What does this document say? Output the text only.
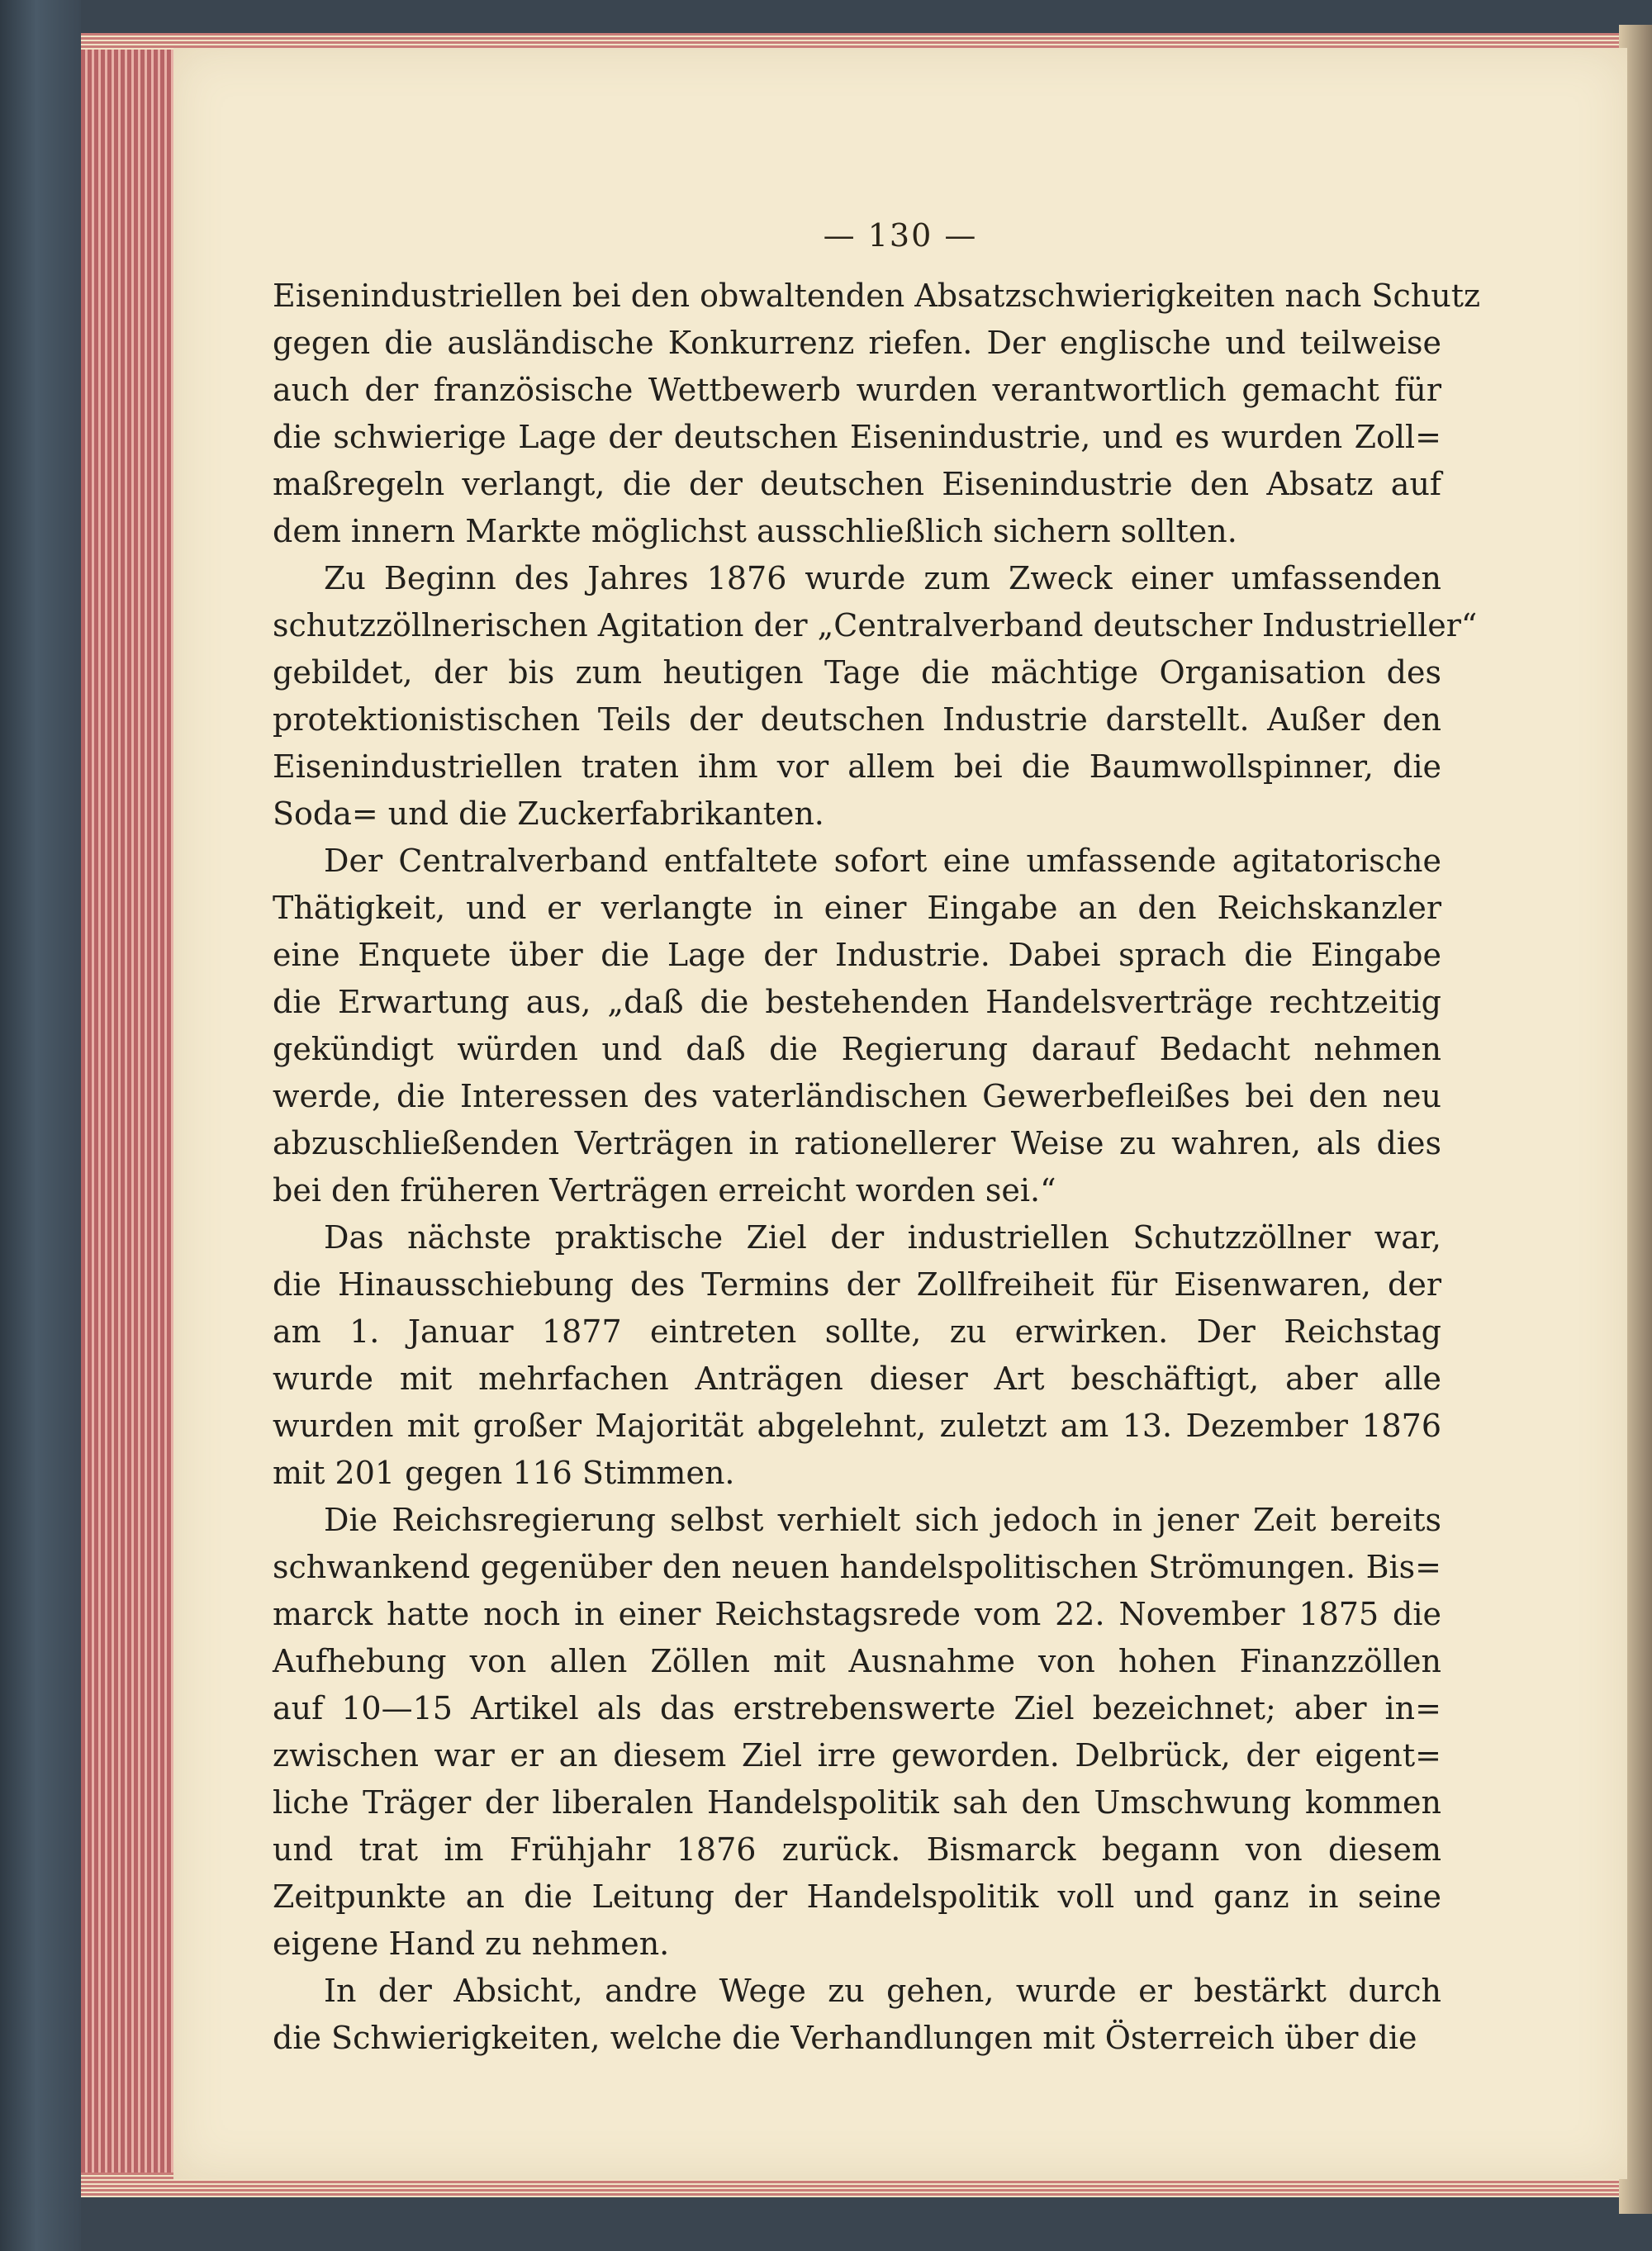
— 130 —

Eisenindustriellen bei den obwaltenden Absatzschwierigkeiten nach Schutz
gegen die ausländische Konkurrenz riefen. Der englische und teilweise
auch der französische Wettbewerb wurden verantwortlich gemacht für
die schwierige Lage der deutschen Eisenindustrie, und es wurden Zoll=
maßregeln verlangt, die der deutschen Eisenindustrie den Absatz auf
dem innern Markte möglichst ausschließlich sichern sollten.

Zu Beginn des Jahres 1876 wurde zum Zweck einer umfassenden
schutzzöllnerischen Agitation der „Centralverband deutscher Industrieller“
gebildet, der bis zum heutigen Tage die mächtige Organisation des
protektionistischen Teils der deutschen Industrie darstellt. Außer den
Eisenindustriellen traten ihm vor allem bei die Baumwollspinner, die
Soda= und die Zuckerfabrikanten.

Der Centralverband entfaltete sofort eine umfassende agitatorische
Thätigkeit, und er verlangte in einer Eingabe an den Reichskanzler
eine Enquete über die Lage der Industrie. Dabei sprach die Eingabe
die Erwartung aus, „daß die bestehenden Handelsverträge rechtzeitig
gekündigt würden und daß die Regierung darauf Bedacht nehmen
werde, die Interessen des vaterländischen Gewerbefleißes bei den neu
abzuschließenden Verträgen in rationellerer Weise zu wahren, als dies
bei den früheren Verträgen erreicht worden sei.“

Das nächste praktische Ziel der industriellen Schutzzöllner war,
die Hinausschiebung des Termins der Zollfreiheit für Eisenwaren, der
am 1. Januar 1877 eintreten sollte, zu erwirken. Der Reichstag
wurde mit mehrfachen Anträgen dieser Art beschäftigt, aber alle
wurden mit großer Majorität abgelehnt, zuletzt am 13. Dezember 1876
mit 201 gegen 116 Stimmen.

Die Reichsregierung selbst verhielt sich jedoch in jener Zeit bereits
schwankend gegenüber den neuen handelspolitischen Strömungen. Bis=
marck hatte noch in einer Reichstagsrede vom 22. November 1875 die
Aufhebung von allen Zöllen mit Ausnahme von hohen Finanzzöllen
auf 10—15 Artikel als das erstrebenswerte Ziel bezeichnet; aber in=
zwischen war er an diesem Ziel irre geworden. Delbrück, der eigent=
liche Träger der liberalen Handelspolitik sah den Umschwung kommen
und trat im Frühjahr 1876 zurück. Bismarck begann von diesem
Zeitpunkte an die Leitung der Handelspolitik voll und ganz in seine
eigene Hand zu nehmen.

In der Absicht, andre Wege zu gehen, wurde er bestärkt durch
die Schwierigkeiten, welche die Verhandlungen mit Österreich über die
